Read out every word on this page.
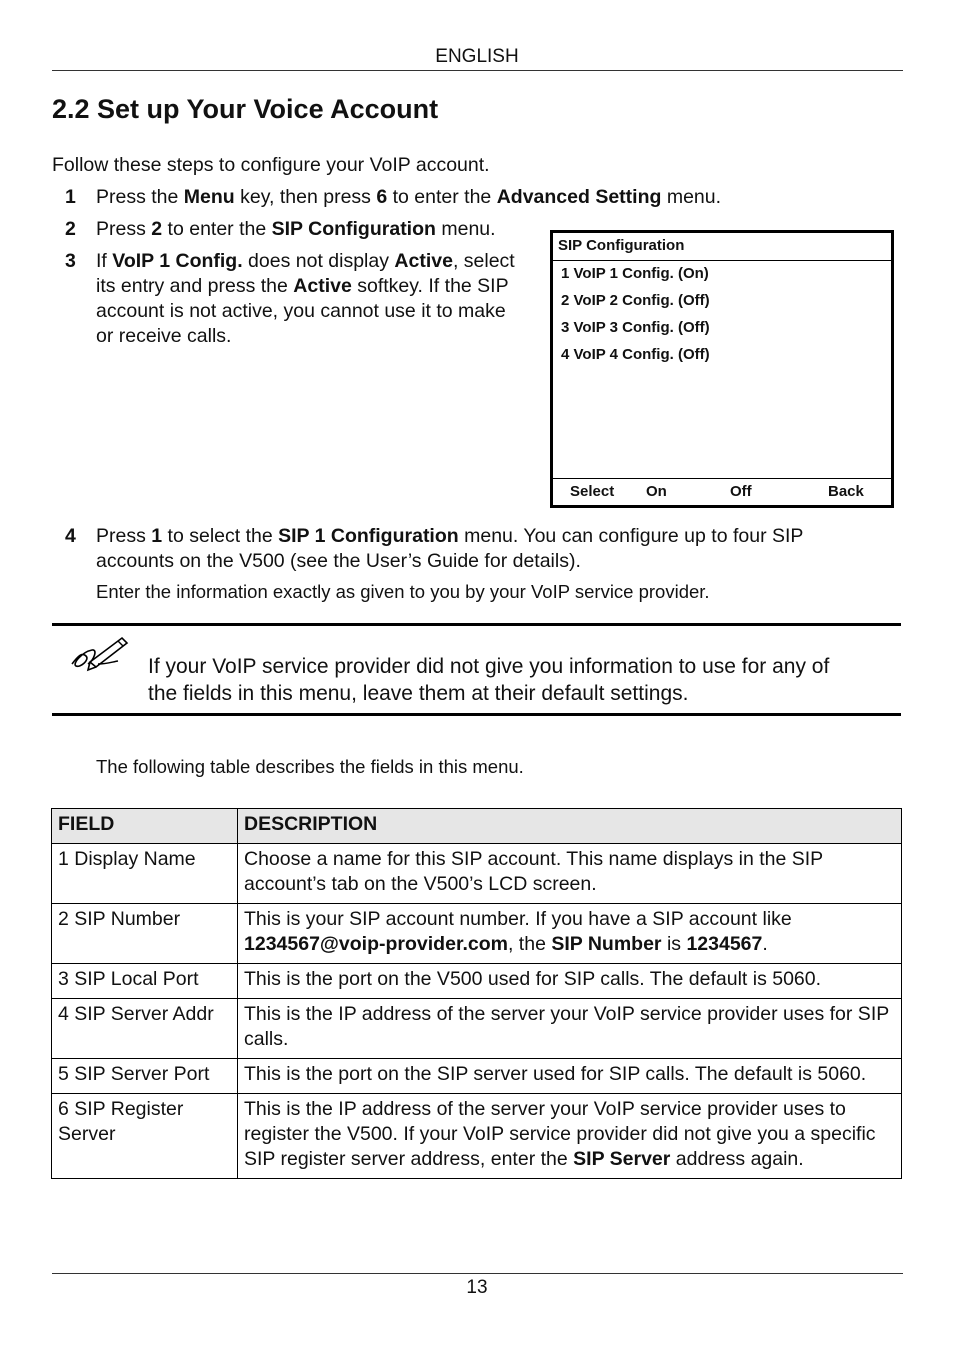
ENGLISH
2.2 Set up Your Voice Account
Follow these steps to configure your VoIP account.
1 Press the Menu key, then press 6 to enter the Advanced Setting menu.
2 Press 2 to enter the SIP Configuration menu.
3 If VoIP 1 Config. does not display Active, select
its entry and press the Active softkey. If the SIP
account is not active, you cannot use it to make
or receive calls.
SIP Configuration
1 VoIP 1 Config. (On)
2 VoIP 2 Config. (Off)
3 VoIP 3 Config. (Off)
4 VoIP 4 Config. (Off)
Select On	Off	Back
4 Press 1 to select the SIP 1 Configuration menu. You can configure up to four SIP
accounts on the V500 (see the User’s Guide for details).
Enter the information exactly as given to you by your VoIP service provider.
If your VoIP service provider did not give you information to use for any of
the fields in this menu, leave them at their default settings.
The following table describes the fields in this menu.
FIELD	DESCRIPTION
1 Display Name	Choose a name for this SIP account. This name displays in the SIP account’s tab on the V500’s LCD screen.
2 SIP Number	This is your SIP account number. If you have a SIP account like 1234567@voip-provider.com, the SIP Number is 1234567.
3 SIP Local Port	This is the port on the V500 used for SIP calls. The default is 5060.
4 SIP Server Addr	This is the IP address of the server your VoIP service provider uses for SIP calls.
5 SIP Server Port	This is the port on the SIP server used for SIP calls. The default is 5060.
6 SIP Register Server	This is the IP address of the server your VoIP service provider uses to register the V500. If your VoIP service provider did not give you a specific SIP register server address, enter the SIP Server address again.
13
